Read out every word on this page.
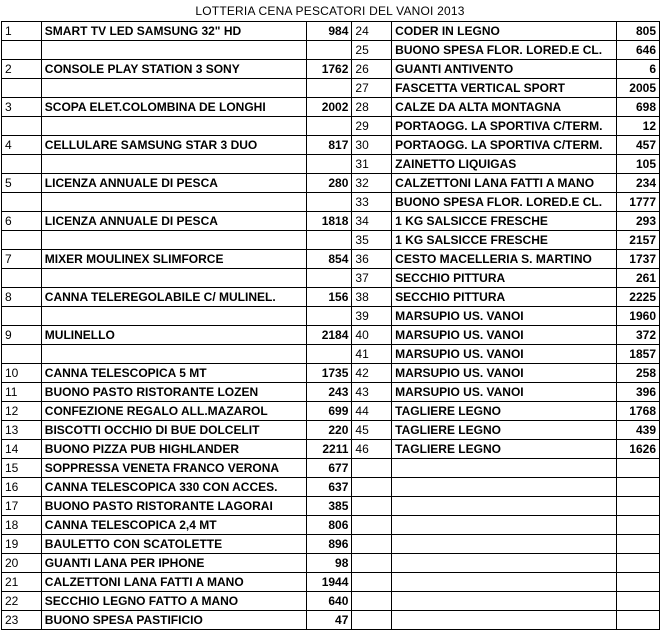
LOTTERIA CENA PESCATORI DEL VANOI 2013
1	SMART TV LED SAMSUNG 32" HD	984	24	CODER IN LEGNO	805
			25	BUONO SPESA FLOR. LORED.E CL.	646
2	CONSOLE PLAY STATION 3 SONY	1762	26	GUANTI ANTIVENTO	6
			27	FASCETTA VERTICAL SPORT	2005
3	SCOPA ELET.COLOMBINA DE LONGHI	2002	28	CALZE DA ALTA MONTAGNA	698
			29	PORTAOGG. LA SPORTIVA C/TERM.	12
4	CELLULARE SAMSUNG STAR 3 DUO	817	30	PORTAOGG. LA SPORTIVA C/TERM.	457
			31	ZAINETTO LIQUIGAS	105
5	LICENZA ANNUALE DI PESCA	280	32	CALZETTONI LANA FATTI A MANO	234
			33	BUONO SPESA FLOR. LORED.E CL.	1777
6	LICENZA ANNUALE DI PESCA	1818	34	1 KG SALSICCE FRESCHE	293
			35	1 KG SALSICCE FRESCHE	2157
7	MIXER MOULINEX SLIMFORCE	854	36	CESTO MACELLERIA S. MARTINO	1737
			37	SECCHIO PITTURA	261
8	CANNA TELEREGOLABILE C/ MULINEL.	156	38	SECCHIO PITTURA	2225
			39	MARSUPIO US. VANOI	1960
9	MULINELLO	2184	40	MARSUPIO US. VANOI	372
			41	MARSUPIO US. VANOI	1857
10	CANNA TELESCOPICA 5 MT	1735	42	MARSUPIO US. VANOI	258
11	BUONO PASTO RISTORANTE LOZEN	243	43	MARSUPIO US. VANOI	396
12	CONFEZIONE REGALO ALL.MAZAROL	699	44	TAGLIERE LEGNO	1768
13	BISCOTTI OCCHIO DI BUE DOLCELIT	220	45	TAGLIERE LEGNO	439
14	BUONO PIZZA PUB HIGHLANDER	2211	46	TAGLIERE LEGNO	1626
15	SOPPRESSA VENETA FRANCO VERONA	677			
16	CANNA TELESCOPICA 330 CON ACCES.	637			
17	BUONO PASTO RISTORANTE LAGORAI	385			
18	CANNA TELESCOPICA 2,4 MT	806			
19	BAULETTO CON SCATOLETTE	896			
20	GUANTI LANA PER IPHONE	98			
21	CALZETTONI LANA FATTI A MANO	1944			
22	SECCHIO LEGNO FATTO A MANO	640			
23	BUONO SPESA PASTIFICIO	47			
